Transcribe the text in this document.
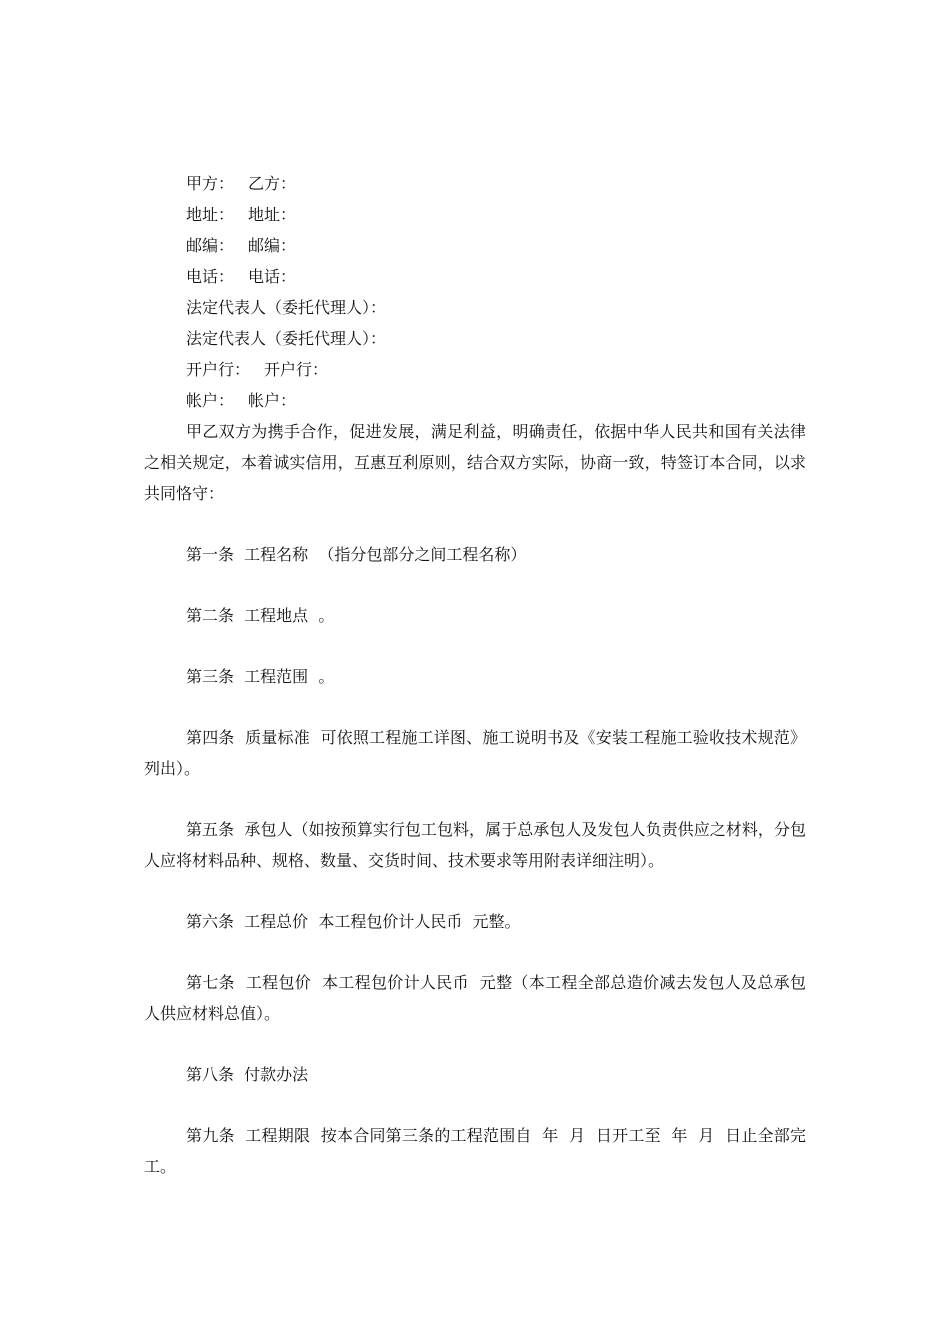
甲方： 乙方：

地址： 地址：

邮编： 邮编：

电话： 电话：

法定代表人（委托代理人）：

法定代表人（委托代理人）：

开户行： 开户行：

帐户： 帐户：

甲乙双方为携手合作，促进发展，满足利益，明确责任，依据中华人民共和国有关法律之相关规定，本着诚实信用，互惠互利原则，结合双方实际，协商一致，特签订本合同，以求共同恪守：

第一条  工程名称  （指分包部分之间工程名称）

第二条  工程地点  。

第三条  工程范围  。

第四条  质量标准  可依照工程施工详图、施工说明书及《安装工程施工验收技术规范》列出）。

第五条  承包人（如按预算实行包工包料，属于总承包人及发包人负责供应之材料，分包人应将材料品种、规格、数量、交货时间、技术要求等用附表详细注明）。

第六条  工程总价  本工程包价计人民币  元整。

第七条  工程包价  本工程包价计人民币  元整（本工程全部总造价减去发包人及总承包人供应材料总值）。

第八条  付款办法

第九条  工程期限  按本合同第三条的工程范围自  年  月  日开工至  年  月  日止全部完工。
